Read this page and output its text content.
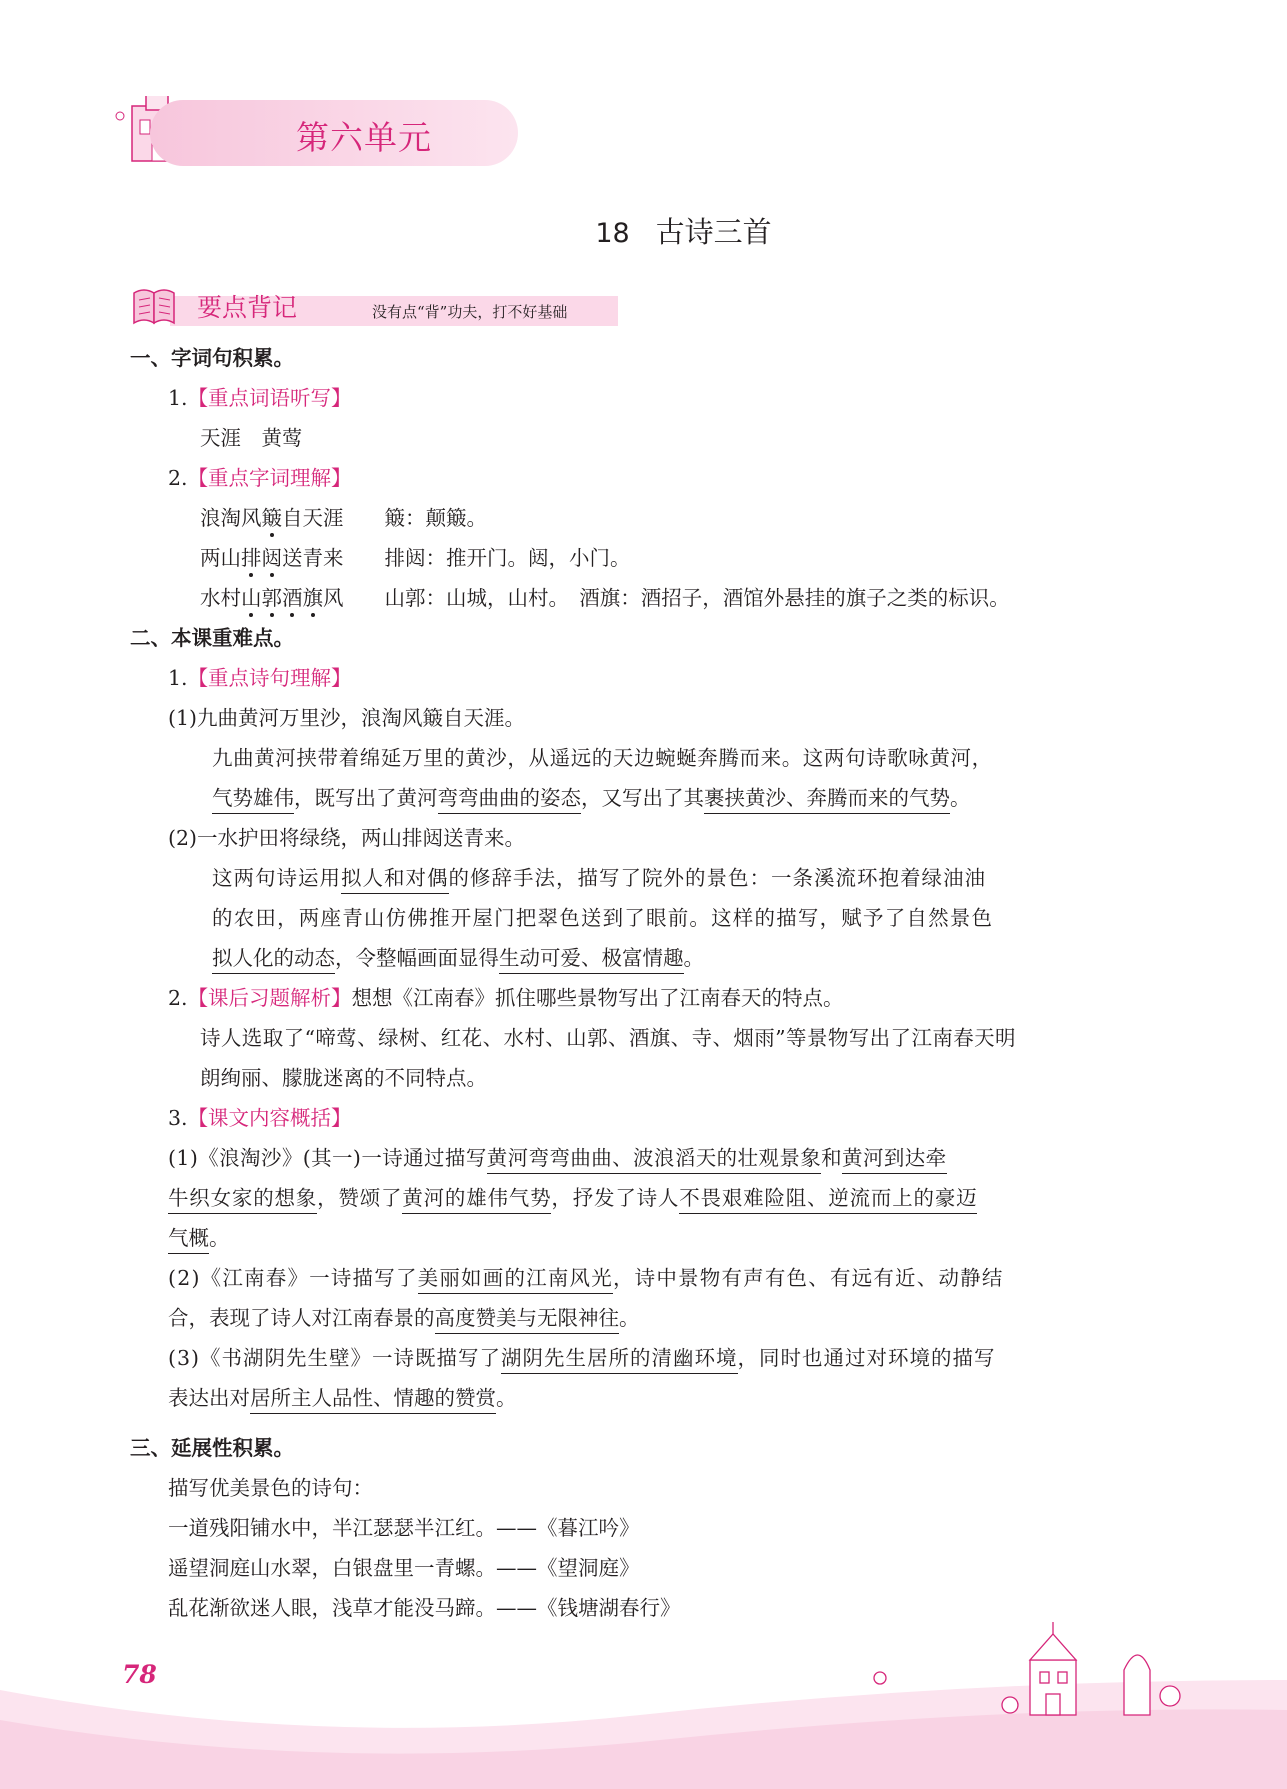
第六单元
18 古诗三首
要点背记	没有点“背”功夫，打不好基础
一、字词句积累。
1.【重点词语听写】
天涯　黄莺
2.【重点字词理解】
浪淘风簸自天涯　　簸：颠簸。
两山排闼送青来　　排闼：推开门。闼，小门。
水村山郭酒旗风　　山郭：山城，山村。　酒旗：酒招子，酒馆外悬挂的旗子之类的标识。
二、本课重难点。
1.【重点诗句理解】
(1)九曲黄河万里沙，浪淘风簸自天涯。
九曲黄河挟带着绵延万里的黄沙，从遥远的天边蜿蜒奔腾而来。这两句诗歌咏黄河，
气势雄伟，既写出了黄河弯弯曲曲的姿态，又写出了其裹挟黄沙、奔腾而来的气势。
(2)一水护田将绿绕，两山排闼送青来。
这两句诗运用拟人和对偶的修辞手法，描写了院外的景色：一条溪流环抱着绿油油
的农田，两座青山仿佛推开屋门把翠色送到了眼前。这样的描写，赋予了自然景色
拟人化的动态，令整幅画面显得生动可爱、极富情趣。
2.【课后习题解析】想想《江南春》抓住哪些景物写出了江南春天的特点。
诗人选取了“啼莺、绿树、红花、水村、山郭、酒旗、寺、烟雨”等景物写出了江南春天明
朗绚丽、朦胧迷离的不同特点。
3.【课文内容概括】
(1)《浪淘沙》(其一)一诗通过描写黄河弯弯曲曲、波浪滔天的壮观景象和黄河到达牵
牛织女家的想象，赞颂了黄河的雄伟气势，抒发了诗人不畏艰难险阻、逆流而上的豪迈
气概。
(2)《江南春》一诗描写了美丽如画的江南风光，诗中景物有声有色、有远有近、动静结
合，表现了诗人对江南春景的高度赞美与无限神往。
(3)《书湖阴先生壁》一诗既描写了湖阴先生居所的清幽环境，同时也通过对环境的描写
表达出对居所主人品性、情趣的赞赏。
三、延展性积累。
描写优美景色的诗句：
一道残阳铺水中，半江瑟瑟半江红。——《暮江吟》
遥望洞庭山水翠，白银盘里一青螺。——《望洞庭》
乱花渐欲迷人眼，浅草才能没马蹄。——《钱塘湖春行》
78
